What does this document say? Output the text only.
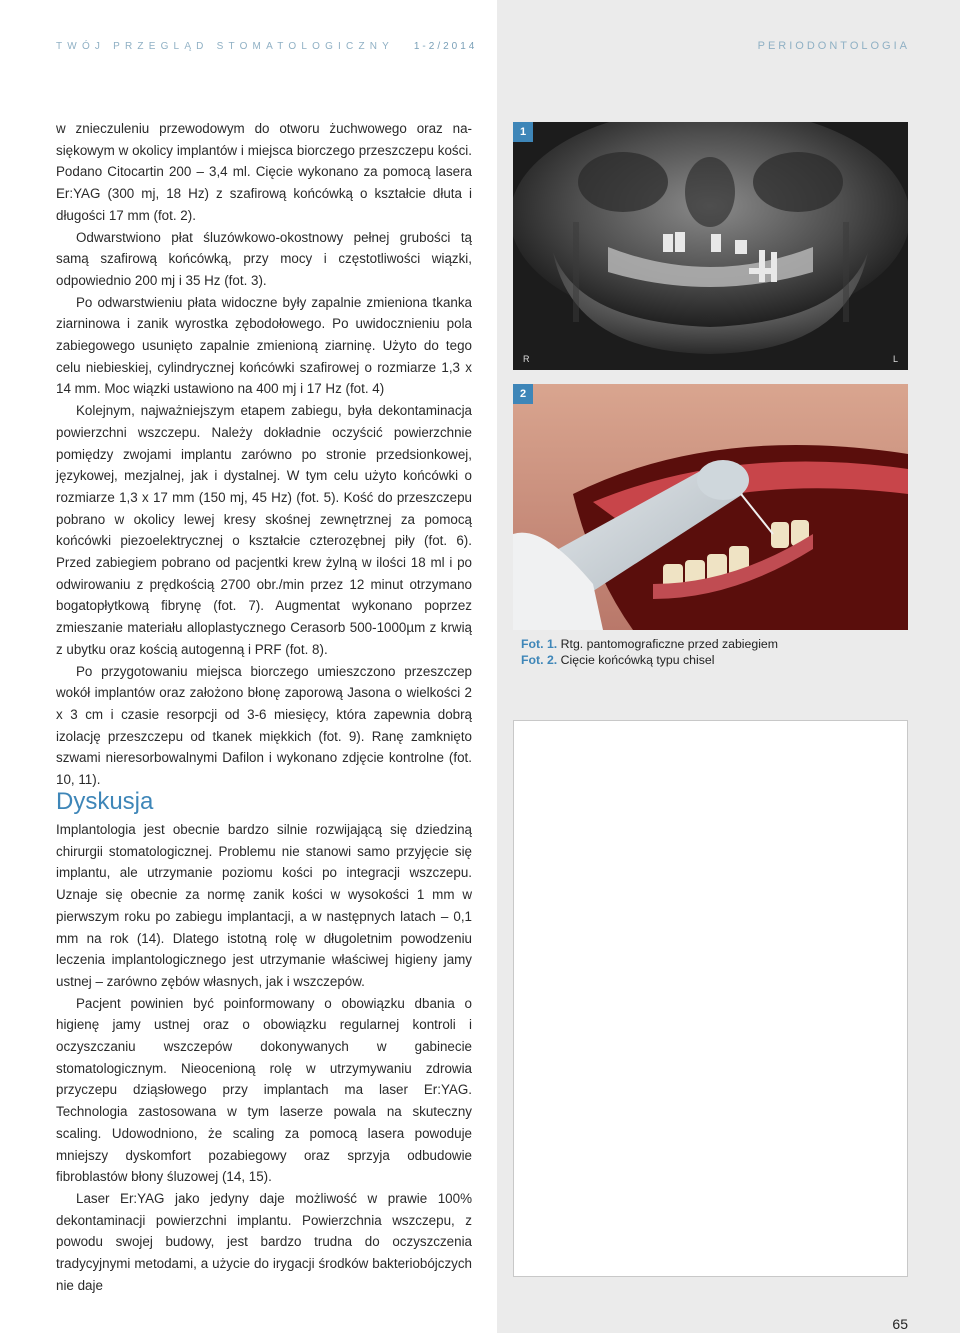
TWÓJ PRZEGLĄD STOMATOLOGICZNY 1-2/2014	PERIODONTOLOGIA

w znieczuleniu przewodowym do otworu żuchwowego oraz na-siękowym w okolicy implantów i miejsca biorczego przeszczepu kości. Podano Citocartin 200 – 3,4 ml. Cięcie wykonano za pomocą lasera Er:YAG (300 mj, 18 Hz) z szafirową końcówką o kształcie dłuta i długości 17 mm (fot. 2).

Odwarstwiono płat śluzówkowo-okostnowy pełnej grubości tą samą szafirową końcówką, przy mocy i częstotliwości wiązki, odpowiednio 200 mj i 35 Hz (fot. 3).

Po odwarstwieniu płata widoczne były zapalnie zmieniona tkanka ziarninowa i zanik wyrostka zębodołowego. Po uwidocznieniu pola zabiegowego usunięto zapalnie zmienioną ziarninę. Użyto do tego celu niebieskiej, cylindrycznej końcówki szafirowej o rozmiarze 1,3 x 14 mm. Moc wiązki ustawiono na 400 mj i 17 Hz (fot. 4)

Kolejnym, najważniejszym etapem zabiegu, była dekontaminacja powierzchni wszczepu. Należy dokładnie oczyścić powierzchnie pomiędzy zwojami implantu zarówno po stronie przedsionkowej, językowej, mezjalnej, jak i dystalnej. W tym celu użyto końcówki o rozmiarze 1,3 x 17 mm (150 mj, 45 Hz) (fot. 5). Kość do przeszczepu pobrano w okolicy lewej kresy skośnej zewnętrznej za pomocą końcówki piezoelektrycznej o kształcie czterozębnej piły (fot. 6). Przed zabiegiem pobrano od pacjentki krew żylną w ilości 18 ml i po odwirowaniu z prędkością 2700 obr./min przez 12 minut otrzymano bogatopłytkową fibrynę (fot. 7). Augmentat wykonano poprzez zmieszanie materiału alloplastycznego Cerasorb 500-1000µm z krwią z ubytku oraz kością autogenną i PRF (fot. 8).

Po przygotowaniu miejsca biorczego umieszczono przeszczep wokół implantów oraz założono błonę zaporową Jasona o wielkości 2 x 3 cm i czasie resorpcji od 3-6 miesięcy, która zapewnia dobrą izolację przeszczepu od tkanek miękkich (fot. 9). Ranę zamknięto szwami nieresorbowalnymi Dafilon i wykonano zdjęcie kontrolne (fot. 10, 11).

Dyskusja

Implantologia jest obecnie bardzo silnie rozwijającą się dziedziną chirurgii stomatologicznej. Problemu nie stanowi samo przyjęcie się implantu, ale utrzymanie poziomu kości po integracji wszczepu. Uznaje się obecnie za normę zanik kości w wysokości 1 mm w pierwszym roku po zabiegu implantacji, a w następnych latach – 0,1 mm na rok (14). Dlatego istotną rolę w długoletnim powodzeniu leczenia implantologicznego jest utrzymanie właściwej higieny jamy ustnej – zarówno zębów własnych, jak i wszczepów.

Pacjent powinien być poinformowany o obowiązku dbania o higienę jamy ustnej oraz o obowiązku regularnej kontroli i oczyszczaniu wszczepów dokonywanych w gabinecie stomatologicznym. Nieocenioną rolę w utrzymywaniu zdrowia przyczepu dziąsłowego przy implantach ma laser Er:YAG. Technologia zastosowana w tym laserze powala na skuteczny scaling. Udowodniono, że scaling za pomocą lasera powoduje mniejszy dyskomfort pozabiegowy oraz sprzyja odbudowie fibroblastów błony śluzowej (14, 15).

Laser Er:YAG jako jedyny daje możliwość w prawie 100% dekontaminacji powierzchni implantu. Powierzchnia wszczepu, z powodu swojej budowy, jest bardzo trudna do oczyszczenia tradycyjnymi metodami, a użycie do irygacji środków bakteriobójczych nie daje

1
R	L
2
Fot. 1. Rtg. pantomograficzne przed zabiegiem
Fot. 2. Cięcie końcówką typu chisel
65
